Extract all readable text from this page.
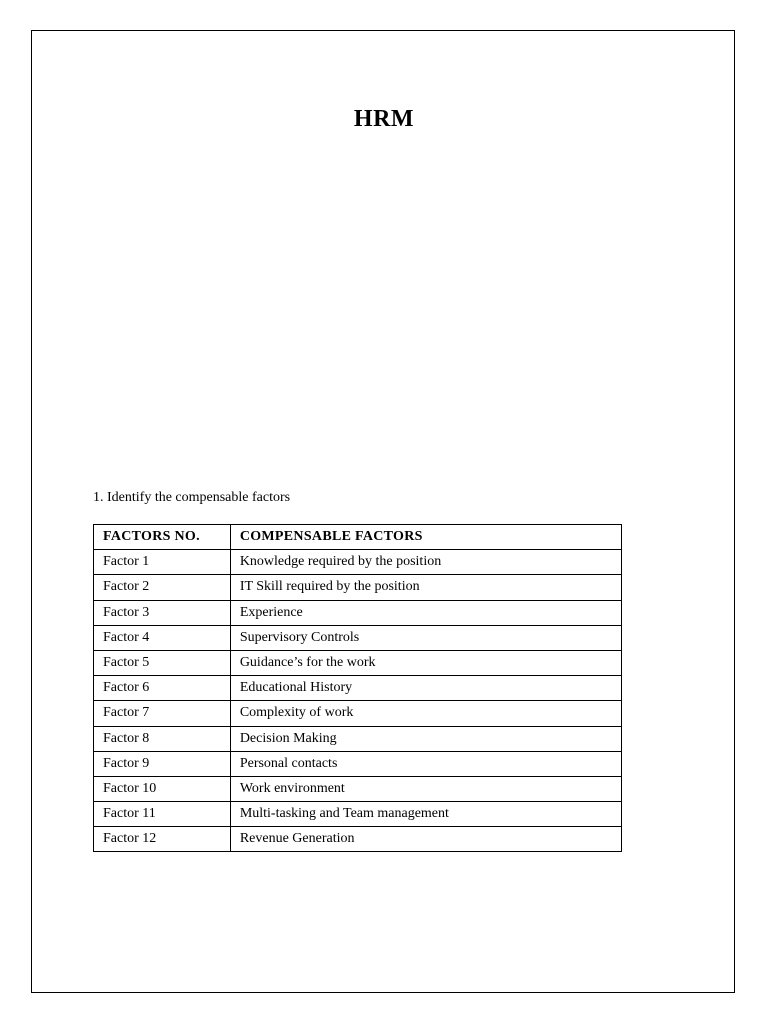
HRM
1. Identify the compensable factors
FACTORS NO.	COMPENSABLE FACTORS
Factor 1	Knowledge required by the position
Factor 2	IT Skill required by the position
Factor 3	Experience
Factor 4	Supervisory Controls
Factor 5	Guidance’s for the work
Factor 6	Educational History
Factor 7	Complexity of work
Factor 8	Decision Making
Factor 9	Personal contacts
Factor 10	Work environment
Factor 11	Multi-tasking and Team management
Factor 12	Revenue Generation
